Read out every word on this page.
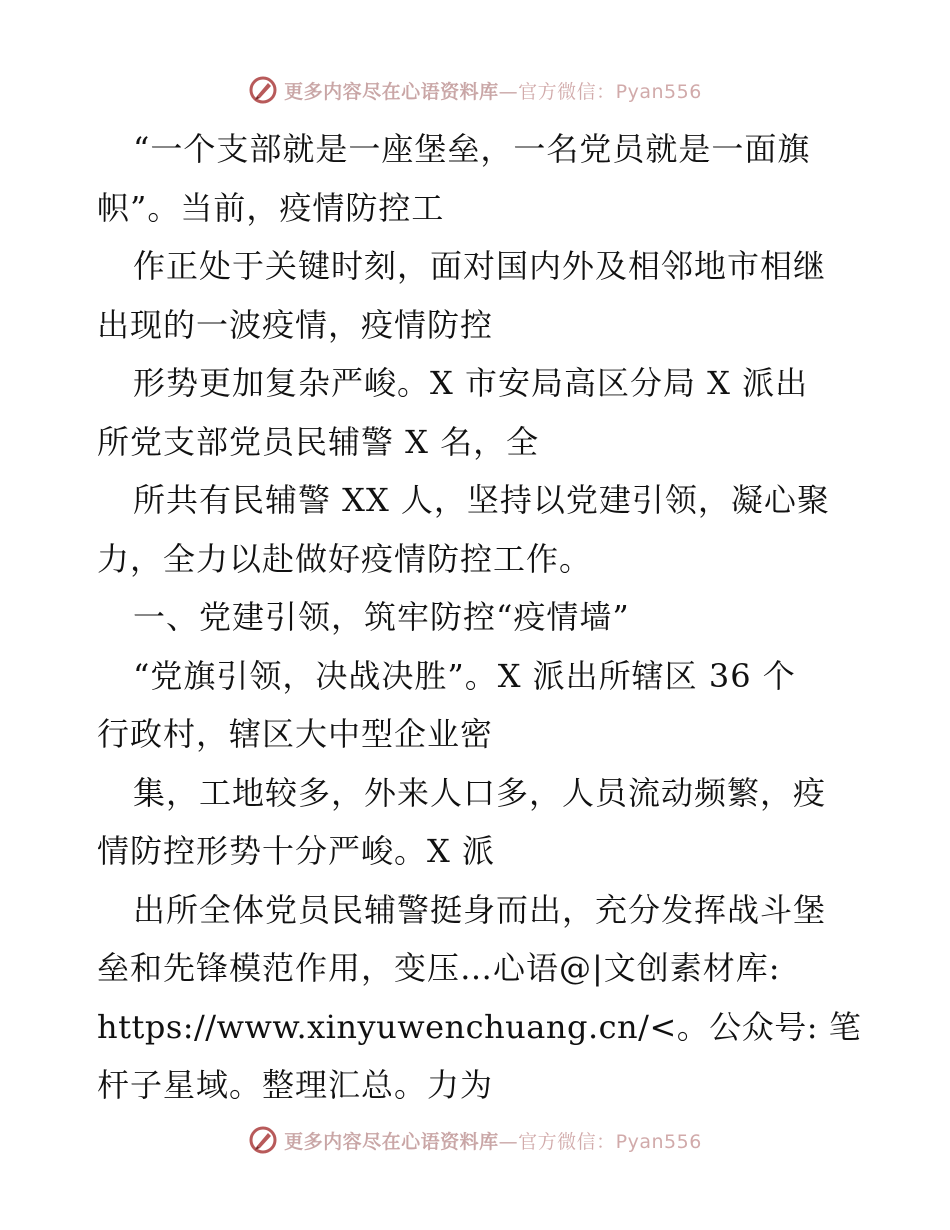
更多内容尽在心语资料库—官方微信：Pyan556
“一个支部就是一座堡垒，一名党员就是一面旗
帜”。当前，疫情防控工
作正处于关键时刻，面对国内外及相邻地市相继
出现的一波疫情，疫情防控
形势更加复杂严峻。X 市安局高区分局 X 派出
所党支部党员民辅警 X 名，全
所共有民辅警 XX 人，坚持以党建引领，凝心聚
力，全力以赴做好疫情防控工作。
一、党建引领，筑牢防控“疫情墙”
“党旗引领，决战决胜”。X 派出所辖区 36 个
行政村，辖区大中型企业密
集，工地较多，外来人口多，人员流动频繁，疫
情防控形势十分严峻。X 派
出所全体党员民辅警挺身而出，充分发挥战斗堡
垒和先锋模范作用，变压…心语@|文创素材库:
https://www.xinyuwenchuang.cn/<。公众号: 笔
杆子星域。整理汇总。力为
更多内容尽在心语资料库—官方微信：Pyan556
